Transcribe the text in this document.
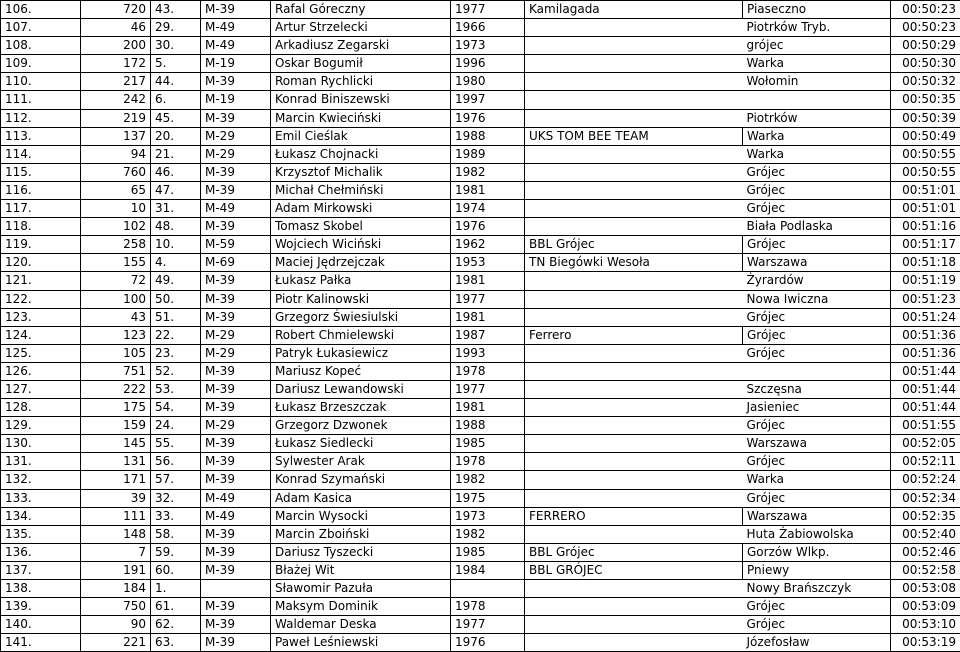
106.	720	43.	M-39	Rafal Góreczny	1977	Kamilagada	Piaseczno	00:50:23
107.	46	29.	M-49	Artur Strzelecki	1966		Piotrków Tryb.	00:50:23
108.	200	30.	M-49	Arkadiusz Zegarski	1973		grójec	00:50:29
109.	172	5.	M-19	Oskar Bogumił	1996		Warka	00:50:30
110.	217	44.	M-39	Roman Rychlicki	1980		Wołomin	00:50:32
111.	242	6.	M-19	Konrad Biniszewski	1997			00:50:35
112.	219	45.	M-39	Marcin Kwieciński	1976		Piotrków	00:50:39
113.	137	20.	M-29	Emil Cieślak	1988	UKS TOM BEE TEAM	Warka	00:50:49
114.	94	21.	M-29	Łukasz Chojnacki	1989		Warka	00:50:55
115.	760	46.	M-39	Krzysztof Michalik	1982		Grójec	00:50:55
116.	65	47.	M-39	Michał Chełmiński	1981		Grójec	00:51:01
117.	10	31.	M-49	Adam Mirkowski	1974		Grójec	00:51:01
118.	102	48.	M-39	Tomasz Skobel	1976		Biała Podlaska	00:51:16
119.	258	10.	M-59	Wojciech Wiciński	1962	BBL Grójec	Grójec	00:51:17
120.	155	4.	M-69	Maciej Jędrzejczak	1953	TN Biegówki Wesoła	Warszawa	00:51:18
121.	72	49.	M-39	Łukasz Pałka	1981		Żyrardów	00:51:19
122.	100	50.	M-39	Piotr Kalinowski	1977		Nowa Iwiczna	00:51:23
123.	43	51.	M-39	Grzegorz Świesiulski	1981		Grójec	00:51:24
124.	123	22.	M-29	Robert Chmielewski	1987	Ferrero	Grójec	00:51:36
125.	105	23.	M-29	Patryk Łukasiewicz	1993		Grójec	00:51:36
126.	751	52.	M-39	Mariusz Kopeć	1978			00:51:44
127.	222	53.	M-39	Dariusz Lewandowski	1977		Szczęsna	00:51:44
128.	175	54.	M-39	Łukasz Brzeszczak	1981		Jasieniec	00:51:44
129.	159	24.	M-29	Grzegorz Dzwonek	1988		Grójec	00:51:55
130.	145	55.	M-39	Łukasz Siedlecki	1985		Warszawa	00:52:05
131.	131	56.	M-39	Sylwester Arak	1978		Grójec	00:52:11
132.	171	57.	M-39	Konrad Szymański	1982		Warka	00:52:24
133.	39	32.	M-49	Adam Kasica	1975		Grójec	00:52:34
134.	111	33.	M-49	Marcin Wysocki	1973	FERRERO	Warszawa	00:52:35
135.	148	58.	M-39	Marcin Zboiński	1982		Huta Żabiowolska	00:52:40
136.	7	59.	M-39	Dariusz Tyszecki	1985	BBL Grójec	Gorzów Wlkp.	00:52:46
137.	191	60.	M-39	Błażej Wit	1984	BBL GRÓJEC	Pniewy	00:52:58
138.	184	1.		Sławomir Pazuła			Nowy Brańszczyk	00:53:08
139.	750	61.	M-39	Maksym Dominik	1978		Grójec	00:53:09
140.	90	62.	M-39	Waldemar Deska	1977		Grójec	00:53:10
141.	221	63.	M-39	Paweł Leśniewski	1976		Józefosław	00:53:19
